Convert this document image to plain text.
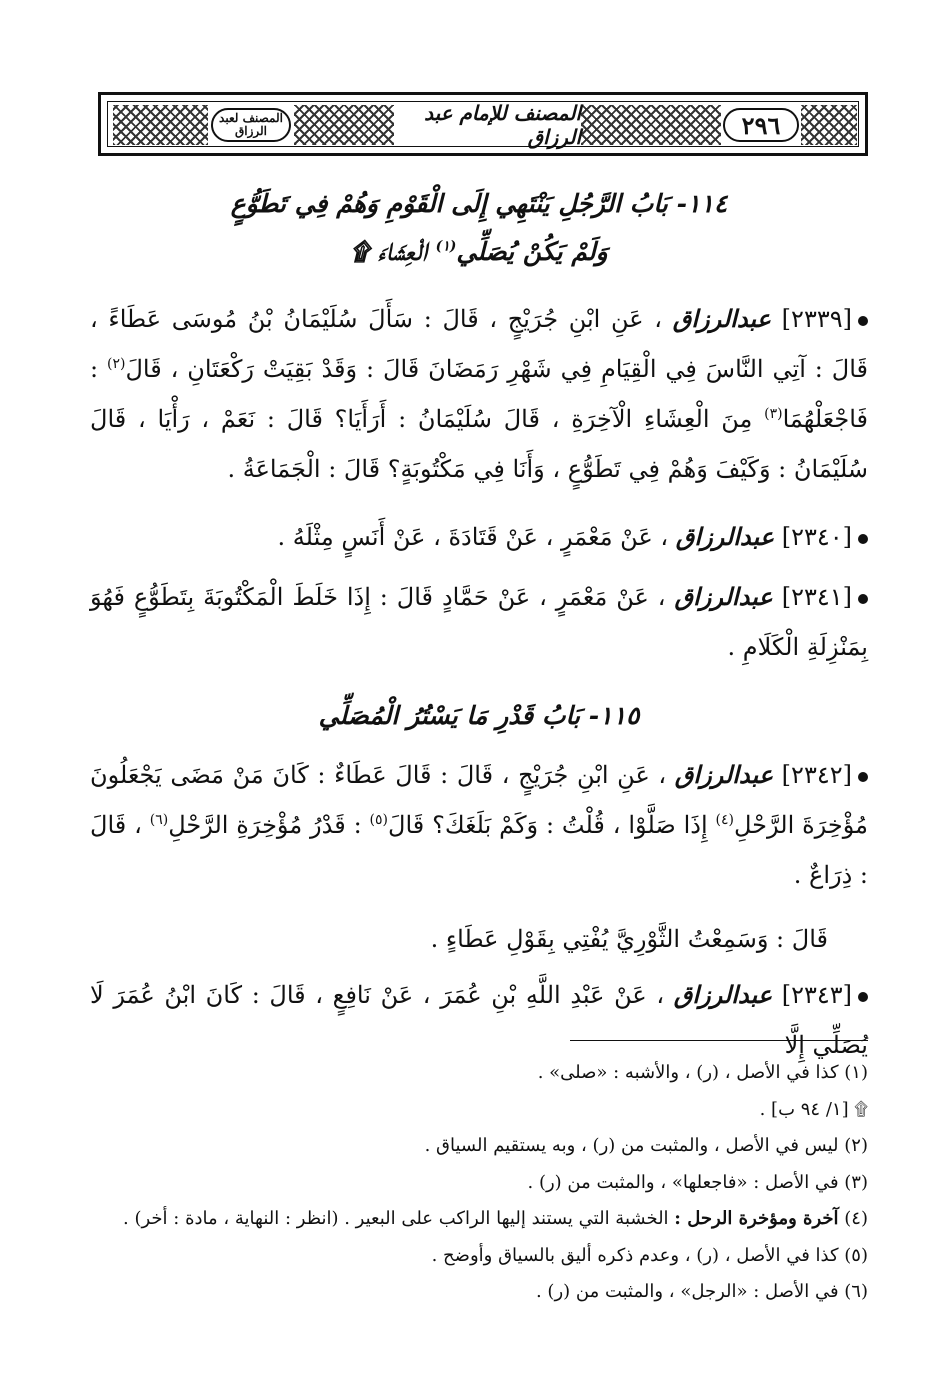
المصنف لعبد الرزاق
المصنف للإمام عبد الرزاق	٢٩٦
١١٤- بَابُ الرَّجُلِ يَنْتَهِي إِلَى الْقَوْمِ وَهُمْ فِي تَطَوُّعٍ
وَلَمْ يَكُنْ يُصَلِّي$^{(١)}$ الْعِشَاءَ ۩
[٢٣٣٩] عبدالرزاق ، عَنِ ابْنِ جُرَيْجٍ ، قَالَ : سَأَلَ سُلَيْمَانُ بْنُ مُوسَى عَطَاءً ، قَالَ : آتِي النَّاسَ فِي الْقِيَامِ فِي شَهْرِ رَمَضَانَ قَالَ : وَقَدْ بَقِيَتْ رَكْعَتَانِ ، قَالَ$^{(٢)}$ : فَاجْعَلْهُمَا$^{(٣)}$ مِنَ الْعِشَاءِ الْآخِرَةِ ، قَالَ سُلَيْمَانُ : أَرَأَيَا؟ قَالَ : نَعَمْ ، رَأْيَا ، قَالَ سُلَيْمَانُ : وَكَيْفَ وَهُمْ فِي تَطَوُّعٍ ، وَأَنَا فِي مَكْتُوبَةٍ؟ قَالَ : الْجَمَاعَةُ .
[٢٣٤٠] عبدالرزاق ، عَنْ مَعْمَرٍ ، عَنْ قَتَادَةَ ، عَنْ أَنَسٍ مِثْلَهُ .
[٢٣٤١] عبدالرزاق ، عَنْ مَعْمَرٍ ، عَنْ حَمَّادٍ قَالَ : إِذَا خَلَطَ الْمَكْتُوبَةَ بِتَطَوُّعٍ فَهُوَ بِمَنْزِلَةِ الْكَلَامِ .
١١٥- بَابُ قَدْرِ مَا يَسْتُرُ الْمُصَلِّي
[٢٣٤٢] عبدالرزاق ، عَنِ ابْنِ جُرَيْجٍ ، قَالَ : قَالَ عَطَاءٌ : كَانَ مَنْ مَضَى يَجْعَلُونَ مُؤْخِرَةَ الرَّحْلِ$^{(٤)}$ إِذَا صَلَّوْا ، قُلْتُ : وَكَمْ بَلَغَكَ؟ قَالَ$^{(٥)}$ : قَدْرُ مُؤْخِرَةِ الرَّحْلِ$^{(٦)}$ ، قَالَ : ذِرَاعٌ .
قَالَ : وَسَمِعْتُ الثَّوْرِيَّ يُفْتِي بِقَوْلِ عَطَاءٍ .
[٢٣٤٣] عبدالرزاق ، عَنْ عَبْدِ اللَّهِ بْنِ عُمَرَ ، عَنْ نَافِعٍ ، قَالَ : كَانَ ابْنُ عُمَرَ لَا يُصَلِّي إِلَّا
(١) كذا في الأصل ، (ر) ، والأشبه : «صلى» .
۩ [١/ ٩٤ ب] .
(٢) ليس في الأصل ، والمثبت من (ر) ، وبه يستقيم السياق .
(٣) في الأصل : «فاجعلها» ، والمثبت من (ر) .
(٤) آخرة ومؤخرة الرحل : الخشبة التي يستند إليها الراكب على البعير . (انظر : النهاية ، مادة : أخر) .
(٥) كذا في الأصل ، (ر) ، وعدم ذكره أليق بالسياق وأوضح .
(٦) في الأصل : «الرجل» ، والمثبت من (ر) .
